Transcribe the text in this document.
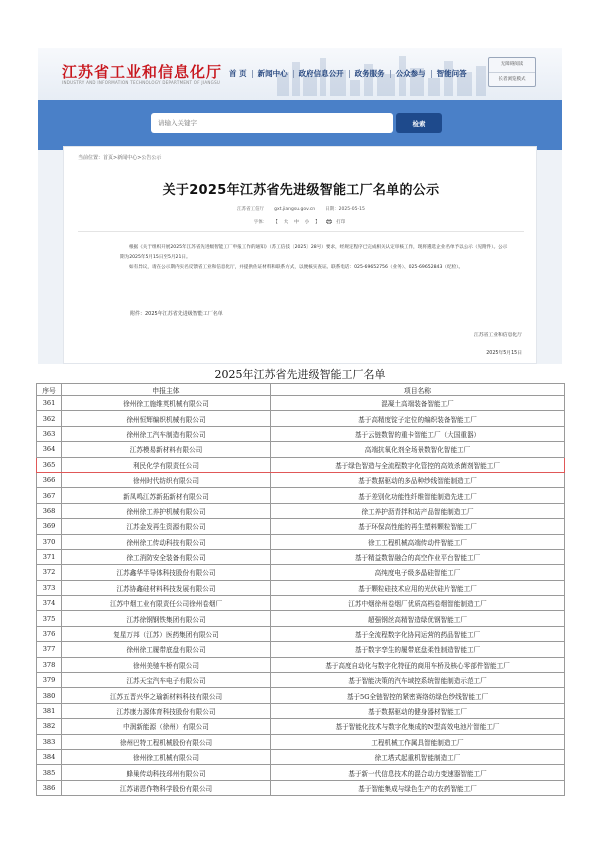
江苏省工业和信息化厅
INDUSTRY AND INFORMATION TECHNOLOGY DEPARTMENT OF JIANGSU
首 页	新闻中心	政府信息公开	政务服务	公众参与	智能问答
无障碍阅读
长者浏览模式
请输入关键字
检索
当前位置：首页>新闻中心>公告公示
关于2025年江苏省先进级智能工厂名单的公示
江苏省工信厅 gxt.jiangsu.gov.cn 日期：2025-05-15
字体： 【 大 中 小 】	打印

根据《关于组织开展2025年江苏省先进级智能工厂申报工作的通知》（苏工信技〔2025〕28号）要求，经规定程序已完成相关认定审核工作，现将遴选企业名单予以公示（见附件）。公示期为2025年5月15日至5月21日。

如有异议，请在公示期内实名反馈省工业和信息化厅，并提供佐证材料和联系方式，以便核实查证。联系电话：025-69652756（业务）、025-69652843（纪检）。

附件：2025年江苏省先进级智能工厂名单
江苏省工业和信息化厅
2025年5月15日
2025年江苏省先进级智能工厂名单
序号	申报主体	项目名称
361	徐州徐工施维英机械有限公司	混凝土高端装备智能工厂
362	徐州恒辉编织机械有限公司	基于高精度锭子定位的编织装备智能工厂
363	徐州徐工汽车制造有限公司	基于云链数智的重卡智能工厂（大国重器）
364	江苏模易新材料有限公司	高端抗氧化剂全场景数智化智能工厂
365	利民化学有限责任公司	基于绿色智造与全流程数字化管控的高效杀菌剂智能工厂
366	徐州时代纺织有限公司	基于数据驱动的多品种纱线智能制造工厂
367	新凤鸣江苏新拓新材有限公司	基于差别化功能性纤维智能制造先进工厂
368	徐州徐工养护机械有限公司	徐工养护沥青拌和站产品智能制造工厂
369	江苏金发再生资源有限公司	基于环保高性能的再生塑料颗粒智能工厂
370	徐州徐工传动科技有限公司	徐工工程机械高端传动件智能工厂
371	徐工消防安全装备有限公司	基于精益数智融合的高空作业平台智能工厂
372	江苏鑫华半导体科技股份有限公司	高纯度电子级多晶硅智能工厂
373	江苏协鑫硅材料科技发展有限公司	基于颗粒硅技术应用的光伏硅片智能工厂
374	江苏中烟工业有限责任公司徐州卷烟厂	江苏中烟徐州卷烟厂优质高档卷烟智能制造工厂
375	江苏徐钢钢铁集团有限公司	超强钢丝高精智造绿优钢智能工厂
376	复星万邦（江苏）医药集团有限公司	基于全流程数字化协同运营的药品智能工厂
377	徐州徐工履带底盘有限公司	基于数字孪生的履带底盘柔性制造智能工厂
378	徐州美驰车桥有限公司	基于高度自动化与数字化特征的商用车桥及核心零部件智能工厂
379	江苏天宝汽车电子有限公司	基于智能决策的汽车域控系统智能制造示范工厂
380	江苏五晋兴华之瑜新材料科技有限公司	基于5G全链智控的紧密赛络纺绿色纱线智能工厂
381	江苏康力源体育科技股份有限公司	基于数据驱动的健身器材智能工厂
382	中润新能源（徐州）有限公司	基于智能化技术与数字化集成的N型高效电池片智能工厂
383	徐州巴特工程机械股份有限公司	工程机械工作属具智能制造工厂
384	徐州徐工机械有限公司	徐工塔式起重机智能制造工厂
385	蜂巢传动科技邳州有限公司	基于新一代信息技术的混合动力变速器智能工厂
386	江苏诺恩作物科学股份有限公司	基于智能集成与绿色生产的农药智能工厂
